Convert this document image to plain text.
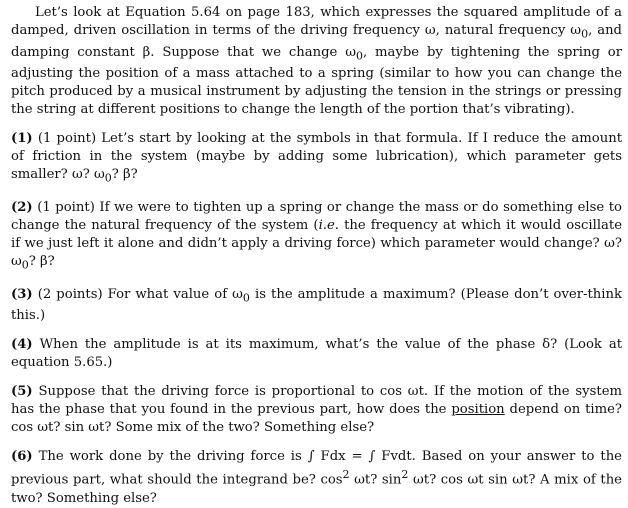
Let’s look at Equation 5.64 on page 183, which expresses the squared amplitude of a damped, driven oscillation in terms of the driving frequency ω, natural frequency $\omega_0$, and damping constant β. Suppose that we change $\omega_0$, maybe by tightening the spring or adjusting the position of a mass attached to a spring (similar to how you can change the pitch produced by a musical instrument by adjusting the tension in the strings or pressing the string at different positions to change the length of the portion that’s vibrating).

(1) (1 point) Let’s start by looking at the symbols in that formula. If I reduce the amount of friction in the system (maybe by adding some lubrication), which parameter gets smaller? ω? $\omega_0$? β?

(2) (1 point) If we were to tighten up a spring or change the mass or do something else to change the natural frequency of the system (i.e. the frequency at which it would oscillate if we just left it alone and didn’t apply a driving force) which parameter would change? ω? $\omega_0$? β?

(3) (2 points) For what value of $\omega_0$ is the amplitude a maximum? (Please don’t over-think this.)

(4) When the amplitude is at its maximum, what’s the value of the phase δ? (Look at equation 5.65.)

(5) Suppose that the driving force is proportional to cos ωt. If the motion of the system has the phase that you found in the previous part, how does the position depend on time? cos ωt? sin ωt? Some mix of the two? Something else?

(6) The work done by the driving force is ∫ Fdx = ∫ Fvdt. Based on your answer to the previous part, what should the integrand be? $\cos^2 \omega t$? $\sin^2 \omega t$? cos ωt sin ωt? A mix of the two? Something else?
